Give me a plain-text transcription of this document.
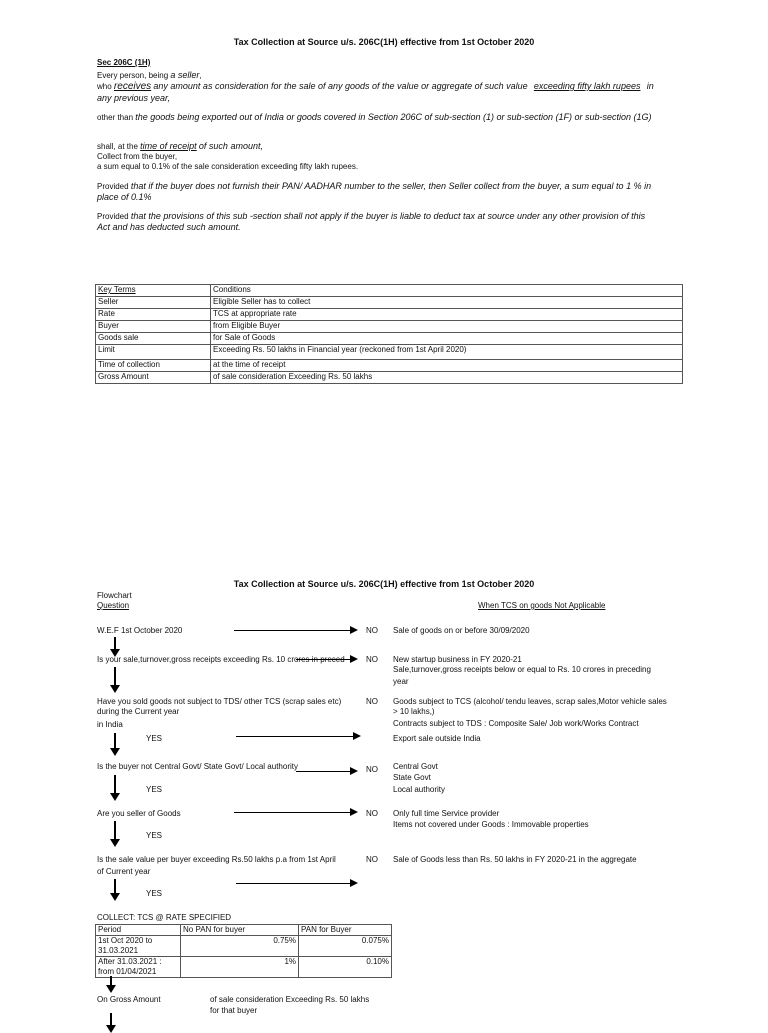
Tax Collection at Source u/s. 206C(1H) effective from 1st October 2020
Sec 206C (1H)
Every person, being a seller,
who receives any amount as consideration for the sale of any goods of the value or aggregate of such value exceeding fifty lakh rupees in
any previous year,
other than the goods being exported out of India or goods covered in Section 206C of sub-section (1) or sub-section (1F) or sub-section (1G)
shall, at the time of receipt of such amount,
Collect from the buyer,
a sum equal to 0.1% of the sale consideration exceeding fifty lakh rupees.
Provided that if the buyer does not furnish their PAN/ AADHAR number to the seller, then Seller collect from the buyer, a sum equal to 1 % in
place of 0.1%
Provided that the provisions of this sub -section shall not apply if the buyer is liable to deduct tax at source under any other provision of this
Act and has deducted such amount.
Key Terms	Conditions
Seller	Eligible Seller has to collect
Rate	TCS at appropriate rate
Buyer	from Eligible Buyer
Goods sale	for Sale of Goods
Limit	Exceeding Rs. 50 lakhs in Financial year (reckoned from 1st April 2020)
Time of collection	at the time of receipt
Gross Amount	of sale consideration Exceeding Rs. 50 lakhs
Tax Collection at Source u/s. 206C(1H) effective from 1st October 2020
Flowchart
Question	When TCS on goods Not Applicable
W.E.F 1st October 2020	NO Sale of goods on or before 30/09/2020
Is your sale,turnover,gross receipts exceeding Rs. 10 crores in preced	NO New startup business in FY 2020-21
Sale,turnover,gross receipts below or equal to Rs. 10 crores in preceding
year
Have you sold goods not subject to TDS/ other TCS (scrap sales etc)
during the Current year
in India
NO Goods subject to TCS (alcohol/ tendu leaves, scrap sales,Motor vehicle sales
> 10 lakhs,)
Contracts subject to TDS : Composite Sale/ Job work/Works Contract
Export sale outside India
YES
Is the buyer not Central Govt/ State Govt/ Local authority	NO Central Govt
State Govt
Local authority
YES
Are you seller of Goods	NO Only full time Service provider
Items not covered under Goods : Immovable properties
YES
Is the sale value per buyer exceeding Rs.50 lakhs p.a from 1st April
of Current year
NO Sale of Goods less than Rs. 50 lakhs in FY 2020-21 in the aggregate
YES
COLLECT: TCS @ RATE SPECIFIED
Period	No PAN for buyer	PAN for Buyer
1st Oct 2020 to 31.03.2021	0.75%	0.075%
After 31.03.2021 : from 01/04/2021	1%	0.10%
On Gross Amount	of sale consideration Exceeding Rs. 50 lakhs
for that buyer
